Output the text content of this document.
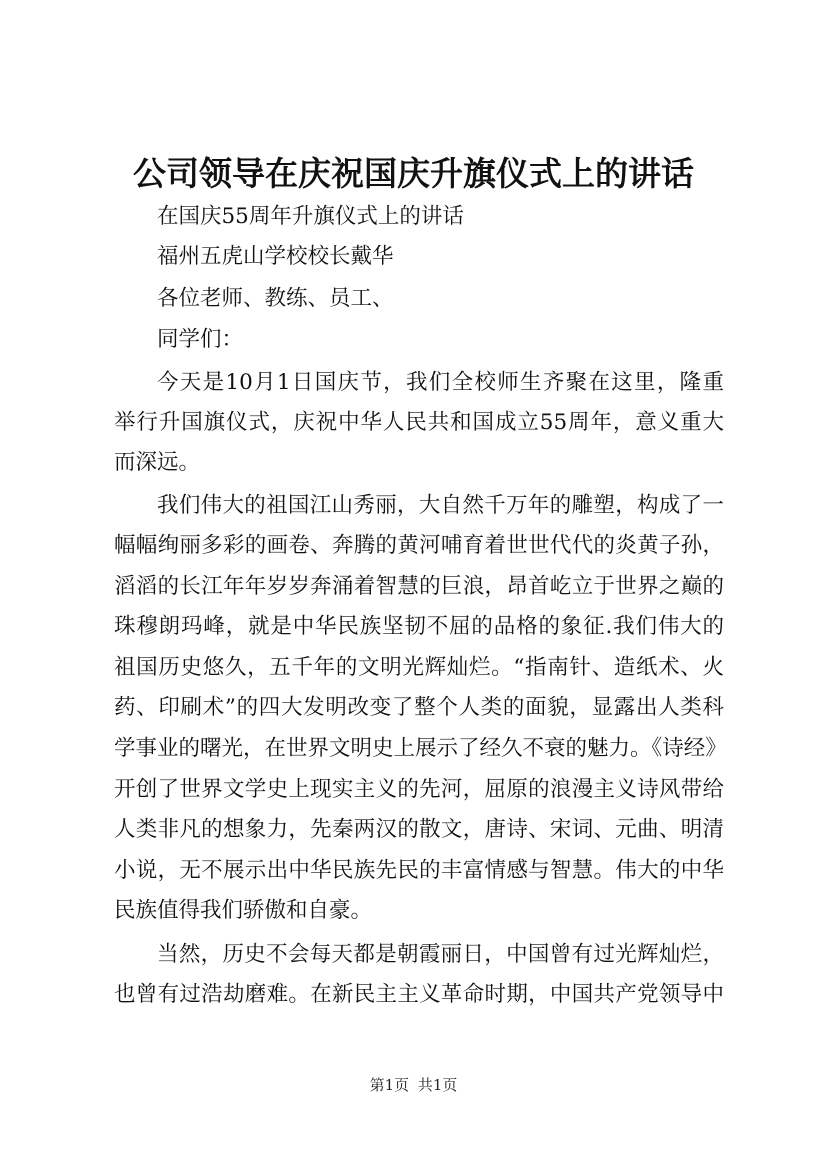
公司领导在庆祝国庆升旗仪式上的讲话
在国庆55周年升旗仪式上的讲话
福州五虎山学校校长戴华
各位老师、教练、员工、
同学们：
今天是10月1日国庆节，我们全校师生齐聚在这里，隆重
举行升国旗仪式，庆祝中华人民共和国成立55周年，意义重大
而深远。
我们伟大的祖国江山秀丽，大自然千万年的雕塑，构成了一
幅幅绚丽多彩的画卷、奔腾的黄河哺育着世世代代的炎黄子孙，
滔滔的长江年年岁岁奔涌着智慧的巨浪，昂首屹立于世界之巅的
珠穆朗玛峰，就是中华民族坚韧不屈的品格的象征.我们伟大的
祖国历史悠久，五千年的文明光辉灿烂。“指南针、造纸术、火
药、印刷术”的四大发明改变了整个人类的面貌，显露出人类科
学事业的曙光，在世界文明史上展示了经久不衰的魅力。《诗经》
开创了世界文学史上现实主义的先河，屈原的浪漫主义诗风带给
人类非凡的想象力，先秦两汉的散文，唐诗、宋词、元曲、明清
小说，无不展示出中华民族先民的丰富情感与智慧。伟大的中华
民族值得我们骄傲和自豪。
当然，历史不会每天都是朝霞丽日，中国曾有过光辉灿烂，
也曾有过浩劫磨难。在新民主主义革命时期，中国共产党领导中
第1页 共1页
